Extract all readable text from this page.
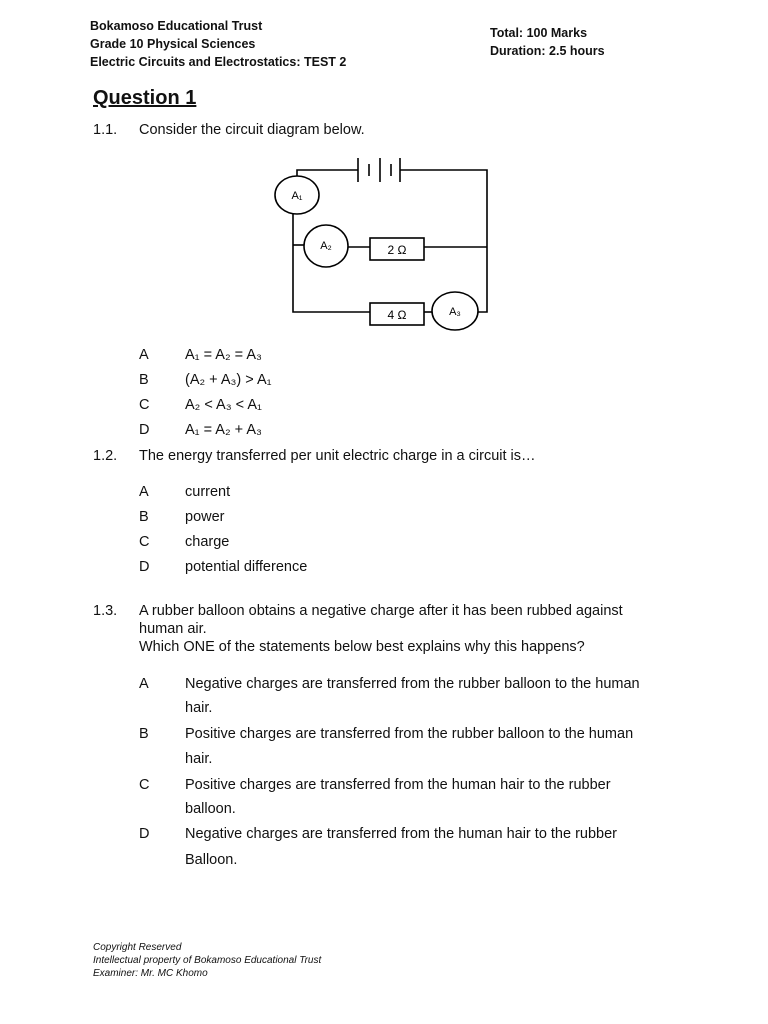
Bokamoso Educational Trust
Grade 10 Physical Sciences
Electric Circuits and Electrostatics: TEST 2
Total: 100 Marks
Duration: 2.5 hours
Question 1
1.1. Consider the circuit diagram below.
A₁
A₂
A₃
2 Ω
4 Ω
A	A₁ = A₂ = A₃
B	(A₂ + A₃) > A₁
C A₂ < A₃ < A₁
D A₁ = A₂ + A₃
1.2. The energy transferred per unit electric charge in a circuit is…
A	current
B	power
C charge
D potential difference
1.3. A rubber balloon obtains a negative charge after it has been rubbed against
human air.
Which ONE of the statements below best explains why this happens?
A	Negative charges are transferred from the rubber balloon to the human
hair.
B	Positive charges are transferred from the rubber balloon to the human
hair.
C Positive charges are transferred from the human hair to the rubber
balloon.
D Negative charges are transferred from the human hair to the rubber
Balloon.
Copyright Reserved
Intellectual property of Bokamoso Educational Trust
Examiner: Mr. MC Khomo
